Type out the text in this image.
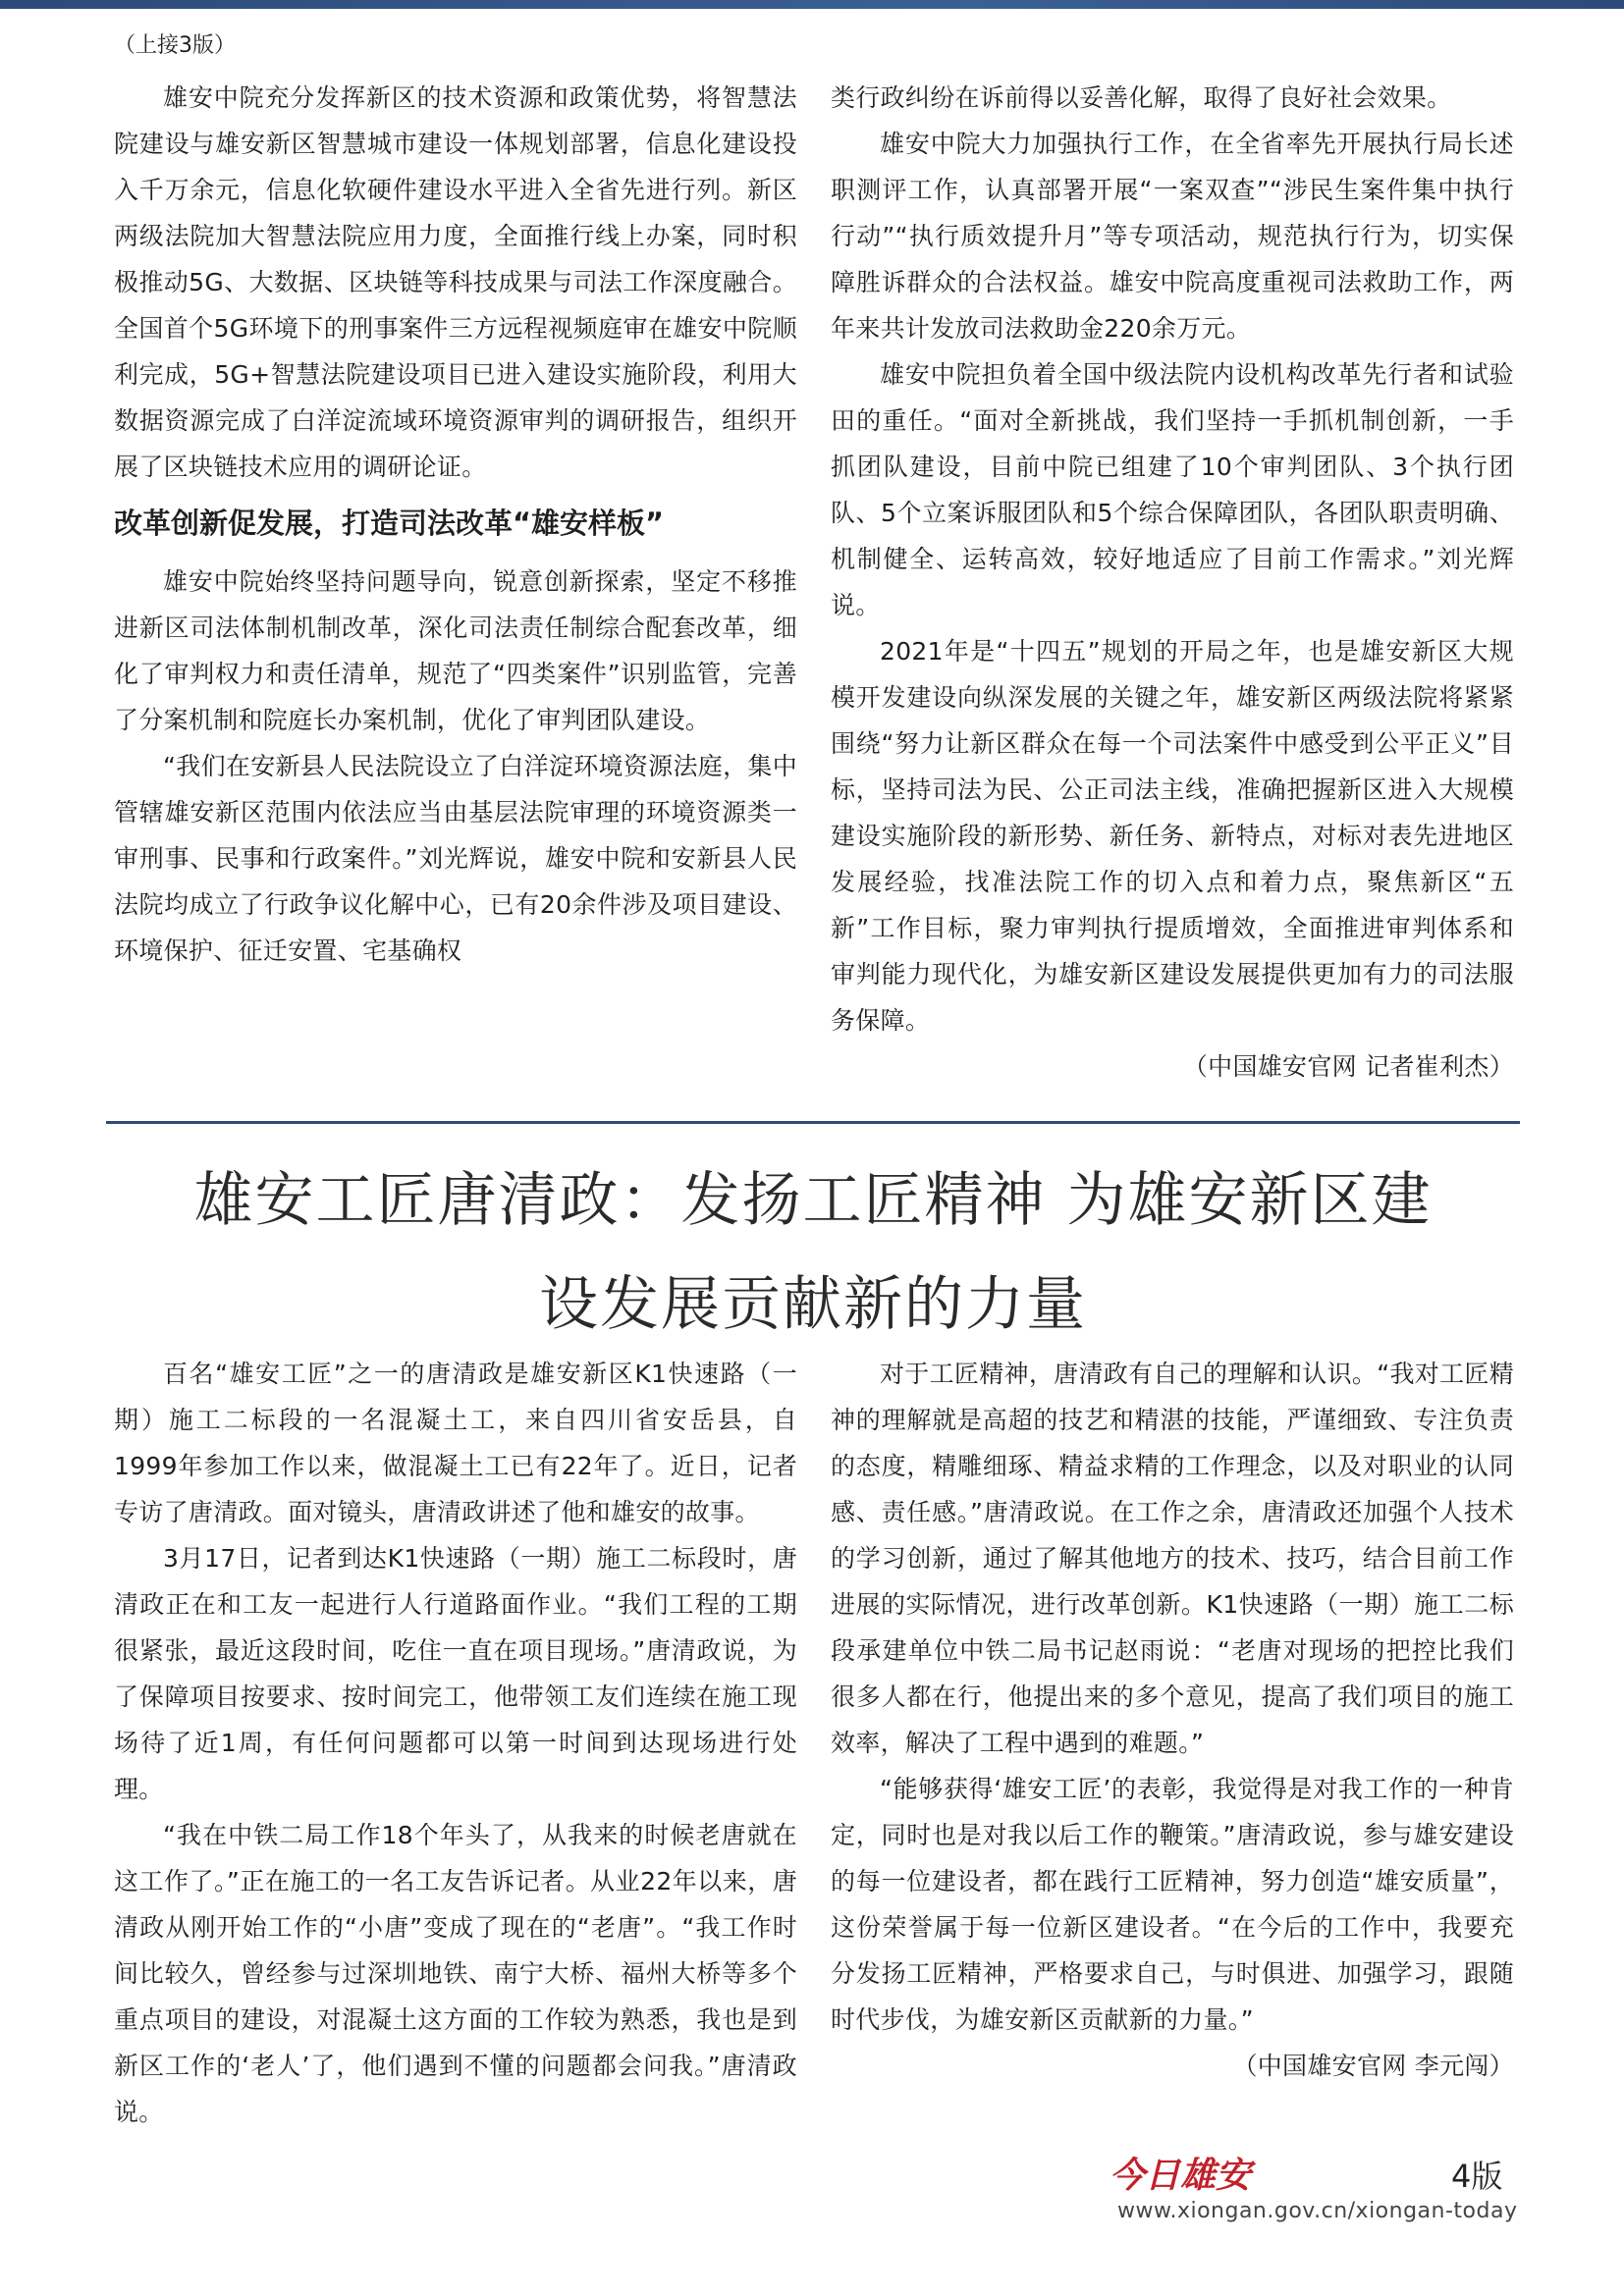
（上接3版）

雄安中院充分发挥新区的技术资源和政策优势，将智慧法院建设与雄安新区智慧城市建设一体规划部署，信息化建设投入千万余元，信息化软硬件建设水平进入全省先进行列。新区两级法院加大智慧法院应用力度，全面推行线上办案，同时积极推动5G、大数据、区块链等科技成果与司法工作深度融合。全国首个5G环境下的刑事案件三方远程视频庭审在雄安中院顺利完成，5G+智慧法院建设项目已进入建设实施阶段，利用大数据资源完成了白洋淀流域环境资源审判的调研报告，组织开展了区块链技术应用的调研论证。

改革创新促发展，打造司法改革“雄安样板”

雄安中院始终坚持问题导向，锐意创新探索，坚定不移推进新区司法体制机制改革，深化司法责任制综合配套改革，细化了审判权力和责任清单，规范了“四类案件”识别监管，完善了分案机制和院庭长办案机制，优化了审判团队建设。

“我们在安新县人民法院设立了白洋淀环境资源法庭，集中管辖雄安新区范围内依法应当由基层法院审理的环境资源类一审刑事、民事和行政案件。”刘光辉说，雄安中院和安新县人民法院均成立了行政争议化解中心，已有20余件涉及项目建设、环境保护、征迁安置、宅基确权

类行政纠纷在诉前得以妥善化解，取得了良好社会效果。

雄安中院大力加强执行工作，在全省率先开展执行局长述职测评工作，认真部署开展“一案双查”“涉民生案件集中执行行动”“执行质效提升月”等专项活动，规范执行行为，切实保障胜诉群众的合法权益。雄安中院高度重视司法救助工作，两年来共计发放司法救助金220余万元。

雄安中院担负着全国中级法院内设机构改革先行者和试验田的重任。“面对全新挑战，我们坚持一手抓机制创新，一手抓团队建设，目前中院已组建了10个审判团队、3个执行团队、5个立案诉服团队和5个综合保障团队，各团队职责明确、机制健全、运转高效，较好地适应了目前工作需求。”刘光辉说。

2021年是“十四五”规划的开局之年，也是雄安新区大规模开发建设向纵深发展的关键之年，雄安新区两级法院将紧紧围绕“努力让新区群众在每一个司法案件中感受到公平正义”目标，坚持司法为民、公正司法主线，准确把握新区进入大规模建设实施阶段的新形势、新任务、新特点，对标对表先进地区发展经验，找准法院工作的切入点和着力点，聚焦新区“五新”工作目标，聚力审判执行提质增效，全面推进审判体系和审判能力现代化，为雄安新区建设发展提供更加有力的司法服务保障。

（中国雄安官网 记者崔利杰）

雄安工匠唐清政：发扬工匠精神 为雄安新区建
设发展贡献新的力量

百名“雄安工匠”之一的唐清政是雄安新区K1快速路（一期）施工二标段的一名混凝土工，来自四川省安岳县，自1999年参加工作以来，做混凝土工已有22年了。近日，记者专访了唐清政。面对镜头，唐清政讲述了他和雄安的故事。

3月17日，记者到达K1快速路（一期）施工二标段时，唐清政正在和工友一起进行人行道路面作业。“我们工程的工期很紧张，最近这段时间，吃住一直在项目现场。”唐清政说，为了保障项目按要求、按时间完工，他带领工友们连续在施工现场待了近1周，有任何问题都可以第一时间到达现场进行处理。

“我在中铁二局工作18个年头了，从我来的时候老唐就在这工作了。”正在施工的一名工友告诉记者。从业22年以来，唐清政从刚开始工作的“小唐”变成了现在的“老唐”。“我工作时间比较久，曾经参与过深圳地铁、南宁大桥、福州大桥等多个重点项目的建设，对混凝土这方面的工作较为熟悉，我也是到新区工作的‘老人’了，他们遇到不懂的问题都会问我。”唐清政说。

对于工匠精神，唐清政有自己的理解和认识。“我对工匠精神的理解就是高超的技艺和精湛的技能，严谨细致、专注负责的态度，精雕细琢、精益求精的工作理念，以及对职业的认同感、责任感。”唐清政说。在工作之余，唐清政还加强个人技术的学习创新，通过了解其他地方的技术、技巧，结合目前工作进展的实际情况，进行改革创新。K1快速路（一期）施工二标段承建单位中铁二局书记赵雨说：“老唐对现场的把控比我们很多人都在行，他提出来的多个意见，提高了我们项目的施工效率，解决了工程中遇到的难题。”

“能够获得‘雄安工匠’的表彰，我觉得是对我工作的一种肯定，同时也是对我以后工作的鞭策。”唐清政说，参与雄安建设的每一位建设者，都在践行工匠精神，努力创造“雄安质量”，这份荣誉属于每一位新区建设者。“在今后的工作中，我要充分发扬工匠精神，严格要求自己，与时俱进、加强学习，跟随时代步伐，为雄安新区贡献新的力量。”

（中国雄安官网 李元闯）

今日雄安	4版
www.xiongan.gov.cn/xiongan-today
